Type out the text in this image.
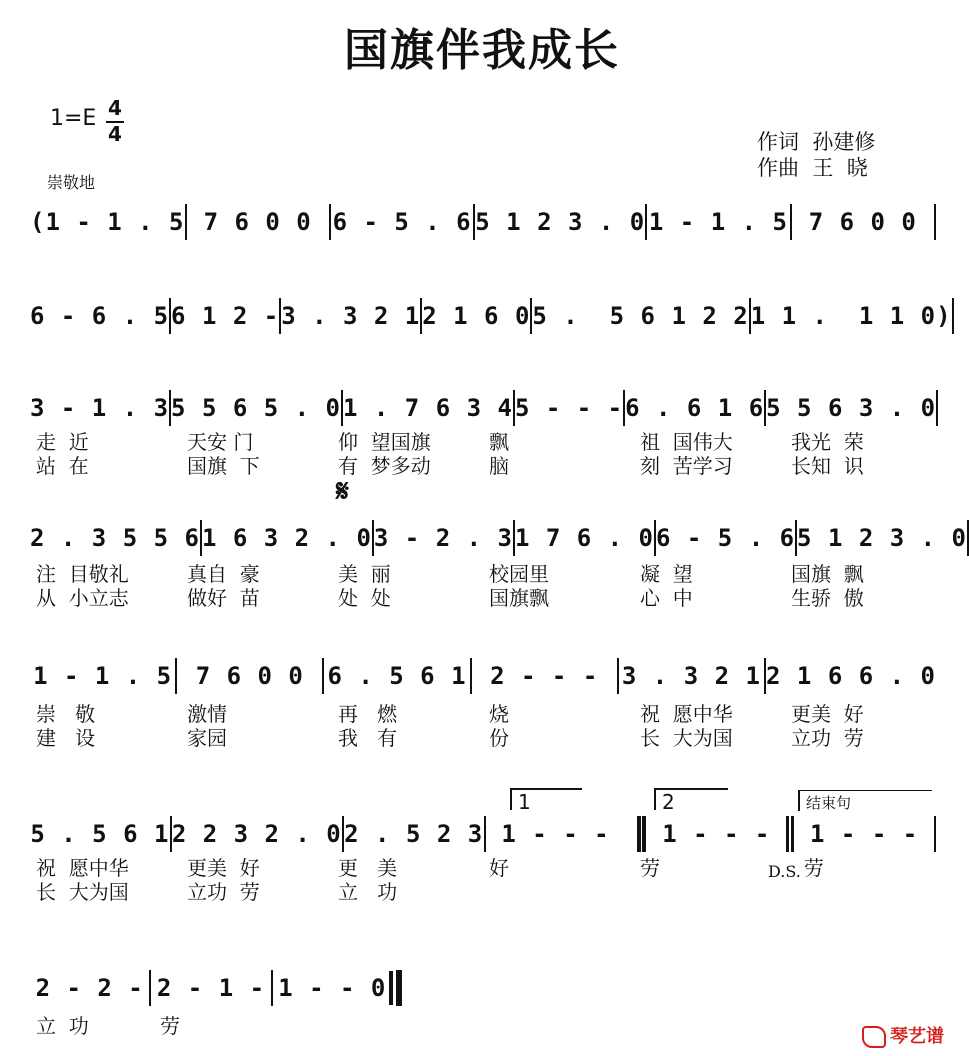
国旗伴我成长
1=E 4
4	作词  孙建修
作曲  王  晓
崇敬地
(1 - 1 . 5 7 6 0 0 6 - 5 . 6 5 1 2 3 . 0 1 - 1 . 5 7 6 0 0
6 - 6 . 5 6 1 2 - 3 . 3 2 1 2 1 6 0 5 .  5 6 1 2 2 1 1 .  1 1 0)
3 - 1 . 3 5 5 6 5 . 0 1 . 7 6 3 4 5 - - - 6 . 6 1 6 5 5 6 3 . 0
走  近	天安 门	仰  望国旗	飘	祖  国伟大	我光  荣
站  在	国旗  下	有  梦多动	脑	刻  苦学习	长知  识
𝄋
2 . 3 5 5 6 1 6 3 2 . 0 3 - 2 . 3 1 7 6 . 0 6 - 5 . 6 5 1 2 3 . 0
注  目敬礼	真自  豪	美  丽	校园里	凝  望	国旗  飘
从  小立志	做好  苗	处  处	国旗飘	心  中	生骄  傲
1 - 1 . 5 7 6 0 0 6 . 5 6 1 2 - - - 3 . 3 2 1 2 1 6 6 . 0
崇   敬	激情	再   燃	烧	祝  愿中华	更美  好
建   设	家园	我   有	份	长  大为国	立功  劳
1	2	结束句
5 . 5 6 1 2 2 3 2 . 0 2 . 5 2 3 1 - - -	1 - - -	1 - - -
祝  愿中华	更美  好	更   美	好	劳	劳
长  大为国	立功  劳	立   功
D.S.
2 - 2 - 2 - 1 - 1 - - 0
立  功	劳	琴艺谱
